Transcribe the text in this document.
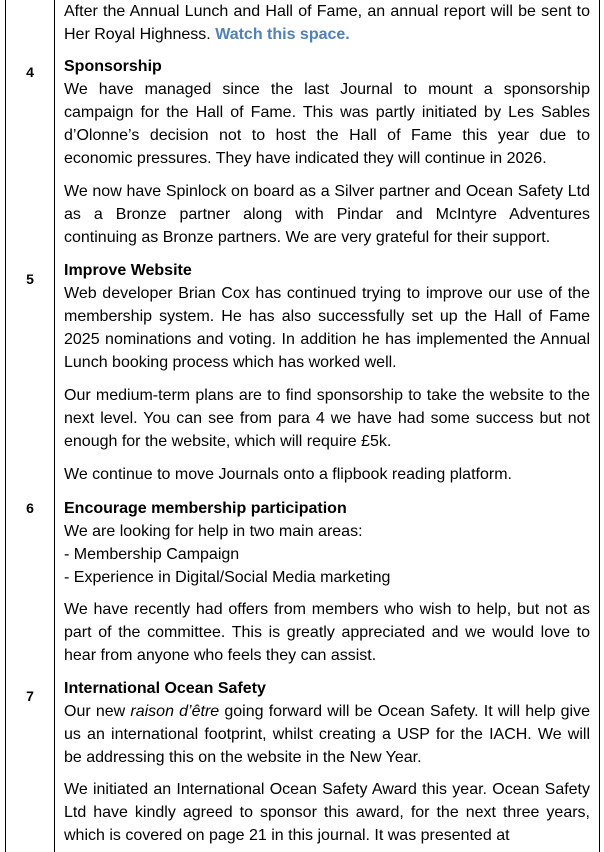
After the Annual Lunch and Hall of Fame, an annual report will be sent to Her Royal Highness. Watch this space.

4	Sponsorship
We have managed since the last Journal to mount a sponsorship campaign for the Hall of Fame. This was partly initiated by Les Sables d’Olonne’s decision not to host the Hall of Fame this year due to economic pressures. They have indicated they will continue in 2026.

We now have Spinlock on board as a Silver partner and Ocean Safety Ltd as a Bronze partner along with Pindar and McIntyre Adventures continuing as Bronze partners. We are very grateful for their support.

5	Improve Website
Web developer Brian Cox has continued trying to improve our use of the membership system. He has also successfully set up the Hall of Fame 2025 nominations and voting. In addition he has implemented the Annual Lunch booking process which has worked well.

Our medium-term plans are to find sponsorship to take the website to the next level. You can see from para 4 we have had some success but not enough for the website, which will require £5k.

We continue to move Journals onto a flipbook reading platform.

6	Encourage membership participation
We are looking for help in two main areas:
- Membership Campaign
- Experience in Digital/Social Media marketing

We have recently had offers from members who wish to help, but not as part of the committee. This is greatly appreciated and we would love to hear from anyone who feels they can assist.

7	International Ocean Safety
Our new raison d’être going forward will be Ocean Safety. It will help give us an international footprint, whilst creating a USP for the IACH. We will be addressing this on the website in the New Year.

We initiated an International Ocean Safety Award this year. Ocean Safety Ltd have kindly agreed to sponsor this award, for the next three years, which is covered on page 21 in this journal. It was presented at
